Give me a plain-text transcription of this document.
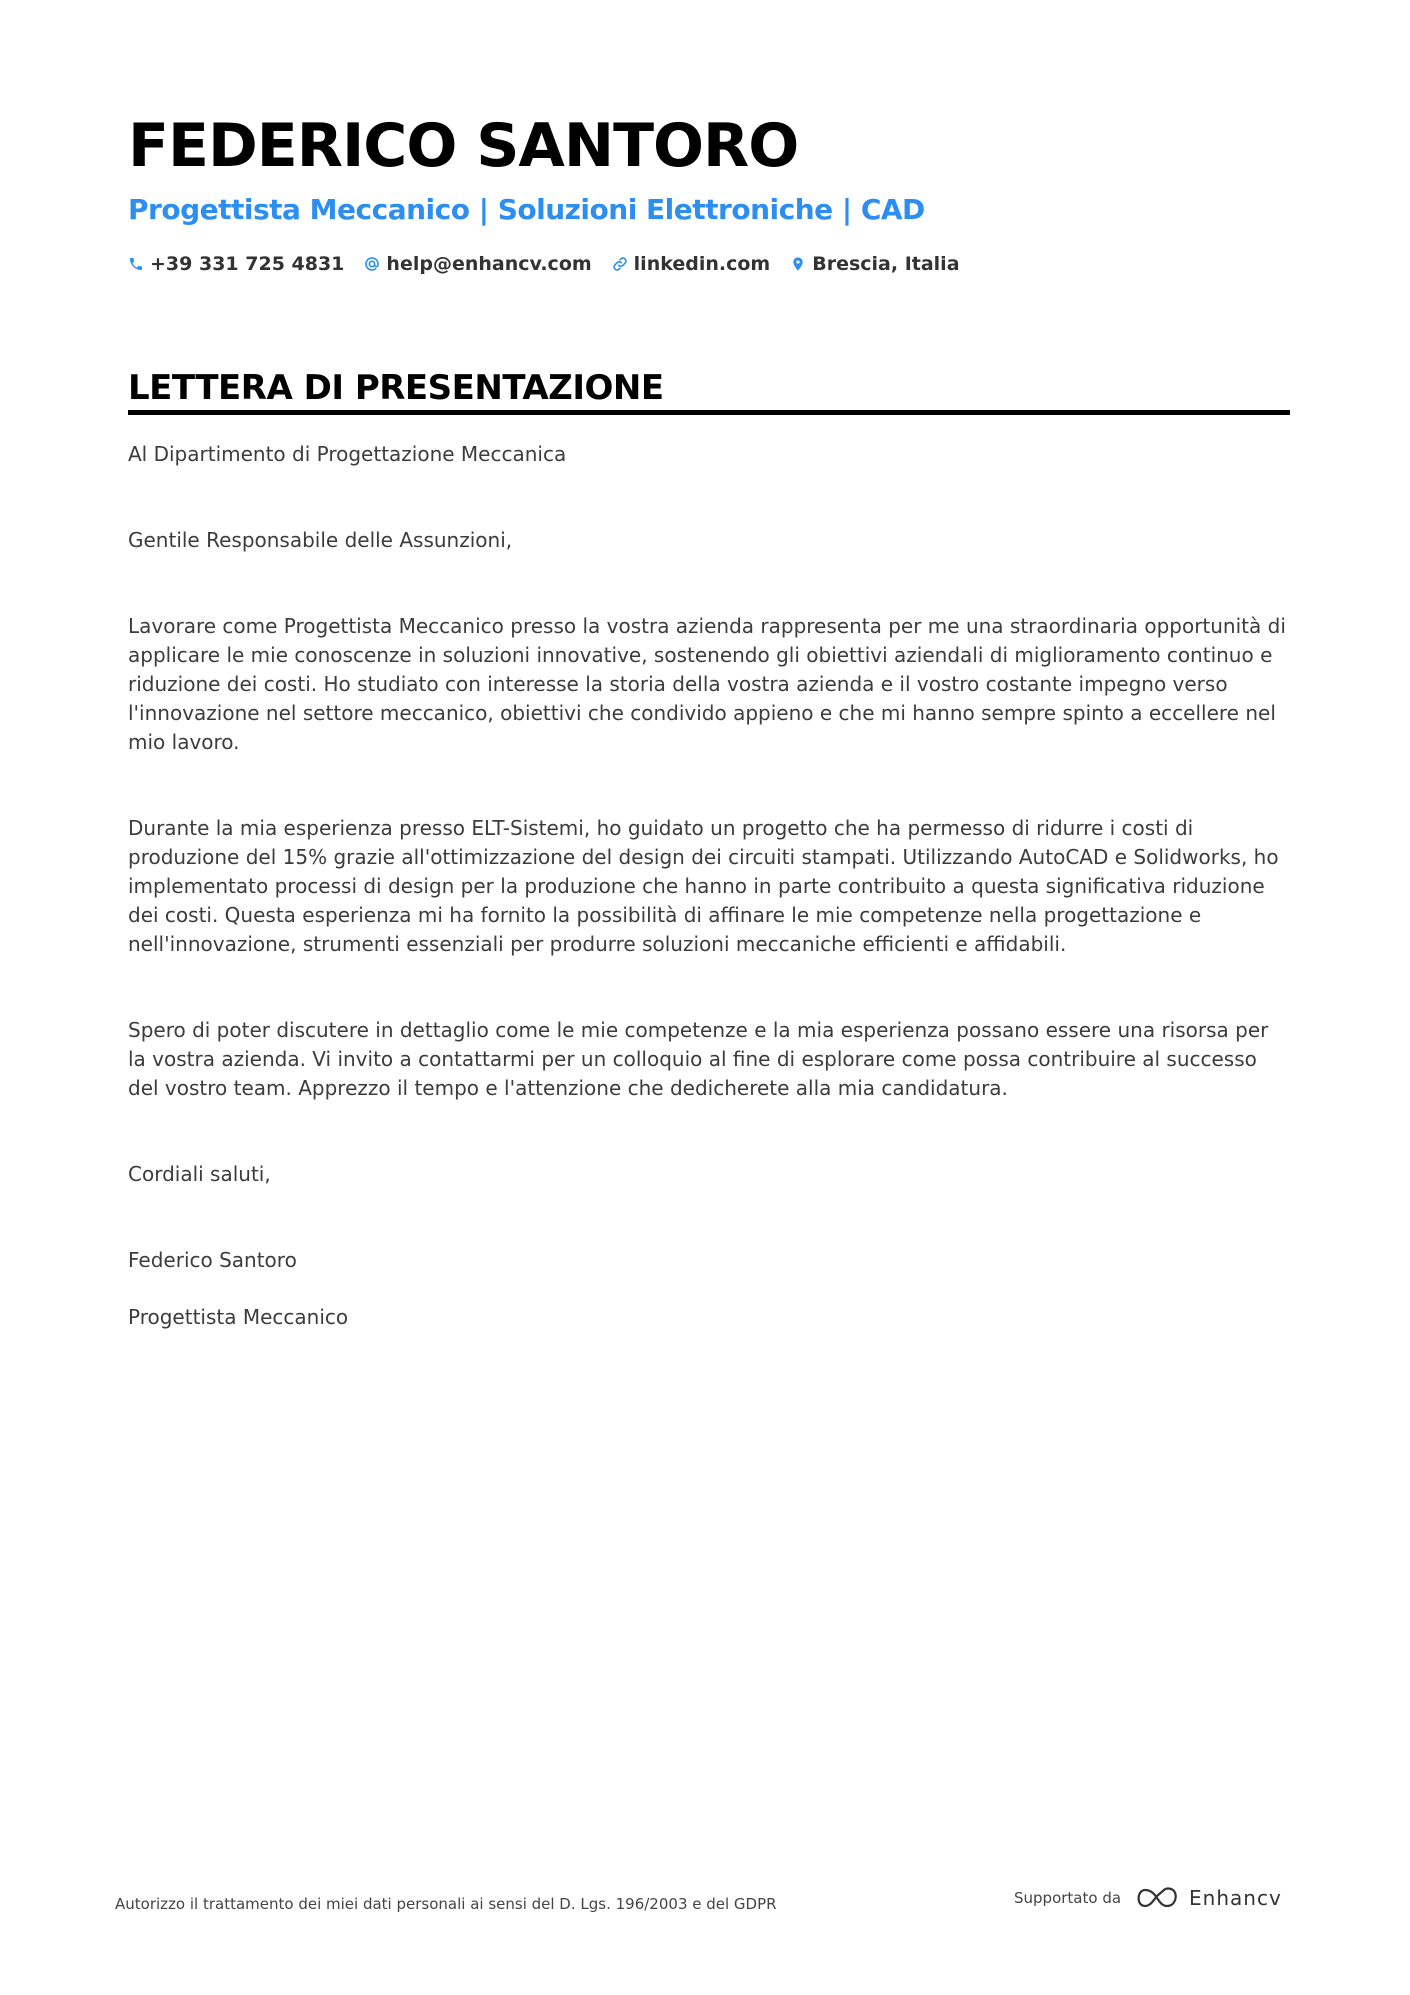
FEDERICO SANTORO
Progettista Meccanico | Soluzioni Elettroniche | CAD
+39 331 725 4831 help@enhancv.com linkedin.com Brescia, Italia
LETTERA DI PRESENTAZIONE

Al Dipartimento di Progettazione Meccanica

Gentile Responsabile delle Assunzioni,

Lavorare come Progettista Meccanico presso la vostra azienda rappresenta per me una straordinaria opportunità di applicare le mie conoscenze in soluzioni innovative, sostenendo gli obiettivi aziendali di miglioramento continuo e riduzione dei costi. Ho studiato con interesse la storia della vostra azienda e il vostro costante impegno verso l'innovazione nel settore meccanico, obiettivi che condivido appieno e che mi hanno sempre spinto a eccellere nel mio lavoro.

Durante la mia esperienza presso ELT-Sistemi, ho guidato un progetto che ha permesso di ridurre i costi di produzione del 15% grazie all'ottimizzazione del design dei circuiti stampati. Utilizzando AutoCAD e Solidworks, ho implementato processi di design per la produzione che hanno in parte contribuito a questa significativa riduzione dei costi. Questa esperienza mi ha fornito la possibilità di affinare le mie competenze nella progettazione e nell'innovazione, strumenti essenziali per produrre soluzioni meccaniche efficienti e affidabili.

Spero di poter discutere in dettaglio come le mie competenze e la mia esperienza possano essere una risorsa per la vostra azienda. Vi invito a contattarmi per un colloquio al fine di esplorare come possa contribuire al successo del vostro team. Apprezzo il tempo e l'attenzione che dedicherete alla mia candidatura.

Cordiali saluti,

Federico Santoro

Progettista Meccanico

Autorizzo il trattamento dei miei dati personali ai sensi del D. Lgs. 196/2003 e del GDPR	Supportato da	Enhancv
